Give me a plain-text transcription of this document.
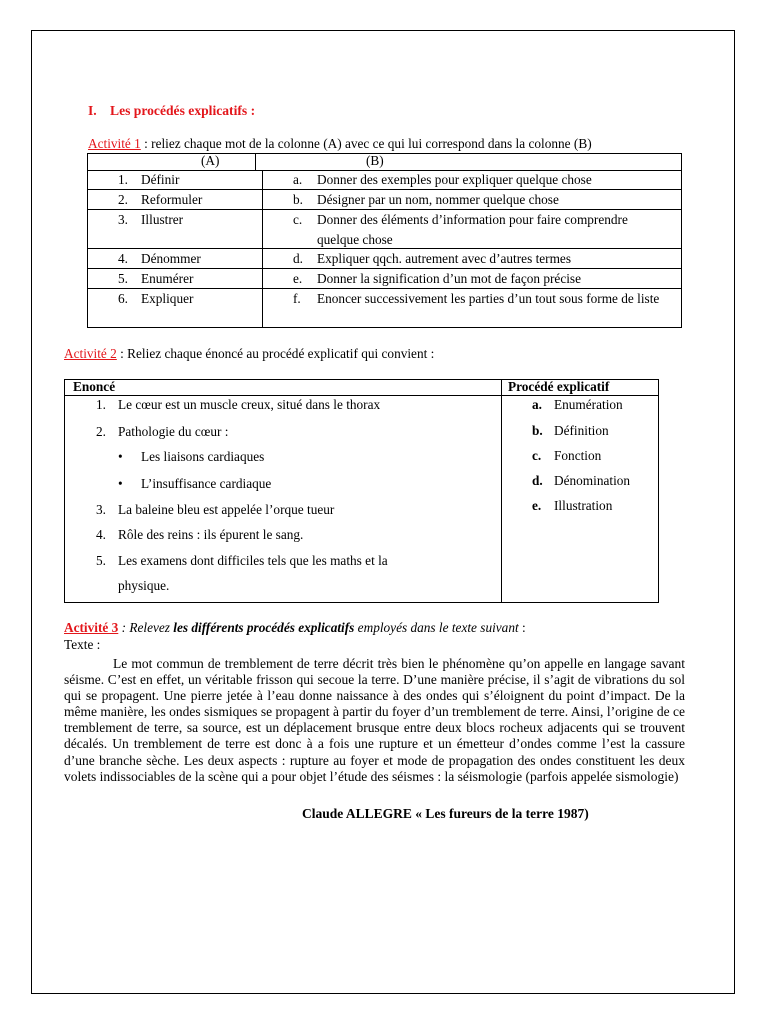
I. Les procédés explicatifs :
Activité 1 : reliez chaque mot de la colonne (A) avec ce qui lui correspond dans la colonne (B)
(A)	(B)
1. Définir	a. Donner des exemples pour expliquer quelque chose
2. Reformuler	b. Désigner par un nom, nommer quelque chose
3. Illustrer	c. Donner des éléments d’information pour faire comprendre quelque chose
4. Dénommer	d. Expliquer qqch. autrement avec d’autres termes
5. Enumérer	e. Donner la signification d’un mot de façon précise
6. Expliquer	f. Enoncer successivement les parties d’un tout sous forme de liste
Activité 2 : Reliez chaque énoncé au procédé explicatif qui convient :
Enoncé	Procédé explicatif
1. Le cœur est un muscle creux, situé dans le thorax
2. Pathologie du cœur :
• Les liaisons cardiaques
• L’insuffisance cardiaque
3. La baleine bleu est appelée l’orque tueur
4. Rôle des reins : ils épurent le sang.
5. Les examens dont difficiles tels que les maths et la
physique.
a. Enumération
b. Définition
c. Fonction
d. Dénomination
e. Illustration
Activité 3 : Relevez les différents procédés explicatifs employés dans le texte suivant :
Texte :

Le mot commun de tremblement de terre décrit très bien le phénomène qu’on appelle en langage savant séisme. C’est en effet, un véritable frisson qui secoue la terre. D’une manière précise, il s’agit de vibrations du sol qui se propagent. Une pierre jetée à l’eau donne naissance à des ondes qui s’éloignent du point d’impact. De la même manière, les ondes sismiques se propagent à partir du foyer d’un tremblement de terre. Ainsi, l’origine de ce tremblement de terre, sa source, est un déplacement brusque entre deux blocs rocheux adjacents qui se trouvent décalés. Un tremblement de terre est donc à a fois une rupture et un émetteur d’ondes comme l’est la cassure d’une branche sèche. Les deux aspects : rupture au foyer et mode de propagation des ondes constituent les deux volets indissociables de la scène qui a pour objet l’étude des séismes : la séismologie (parfois appelée sismologie)

Claude ALLEGRE « Les fureurs de la terre 1987)
